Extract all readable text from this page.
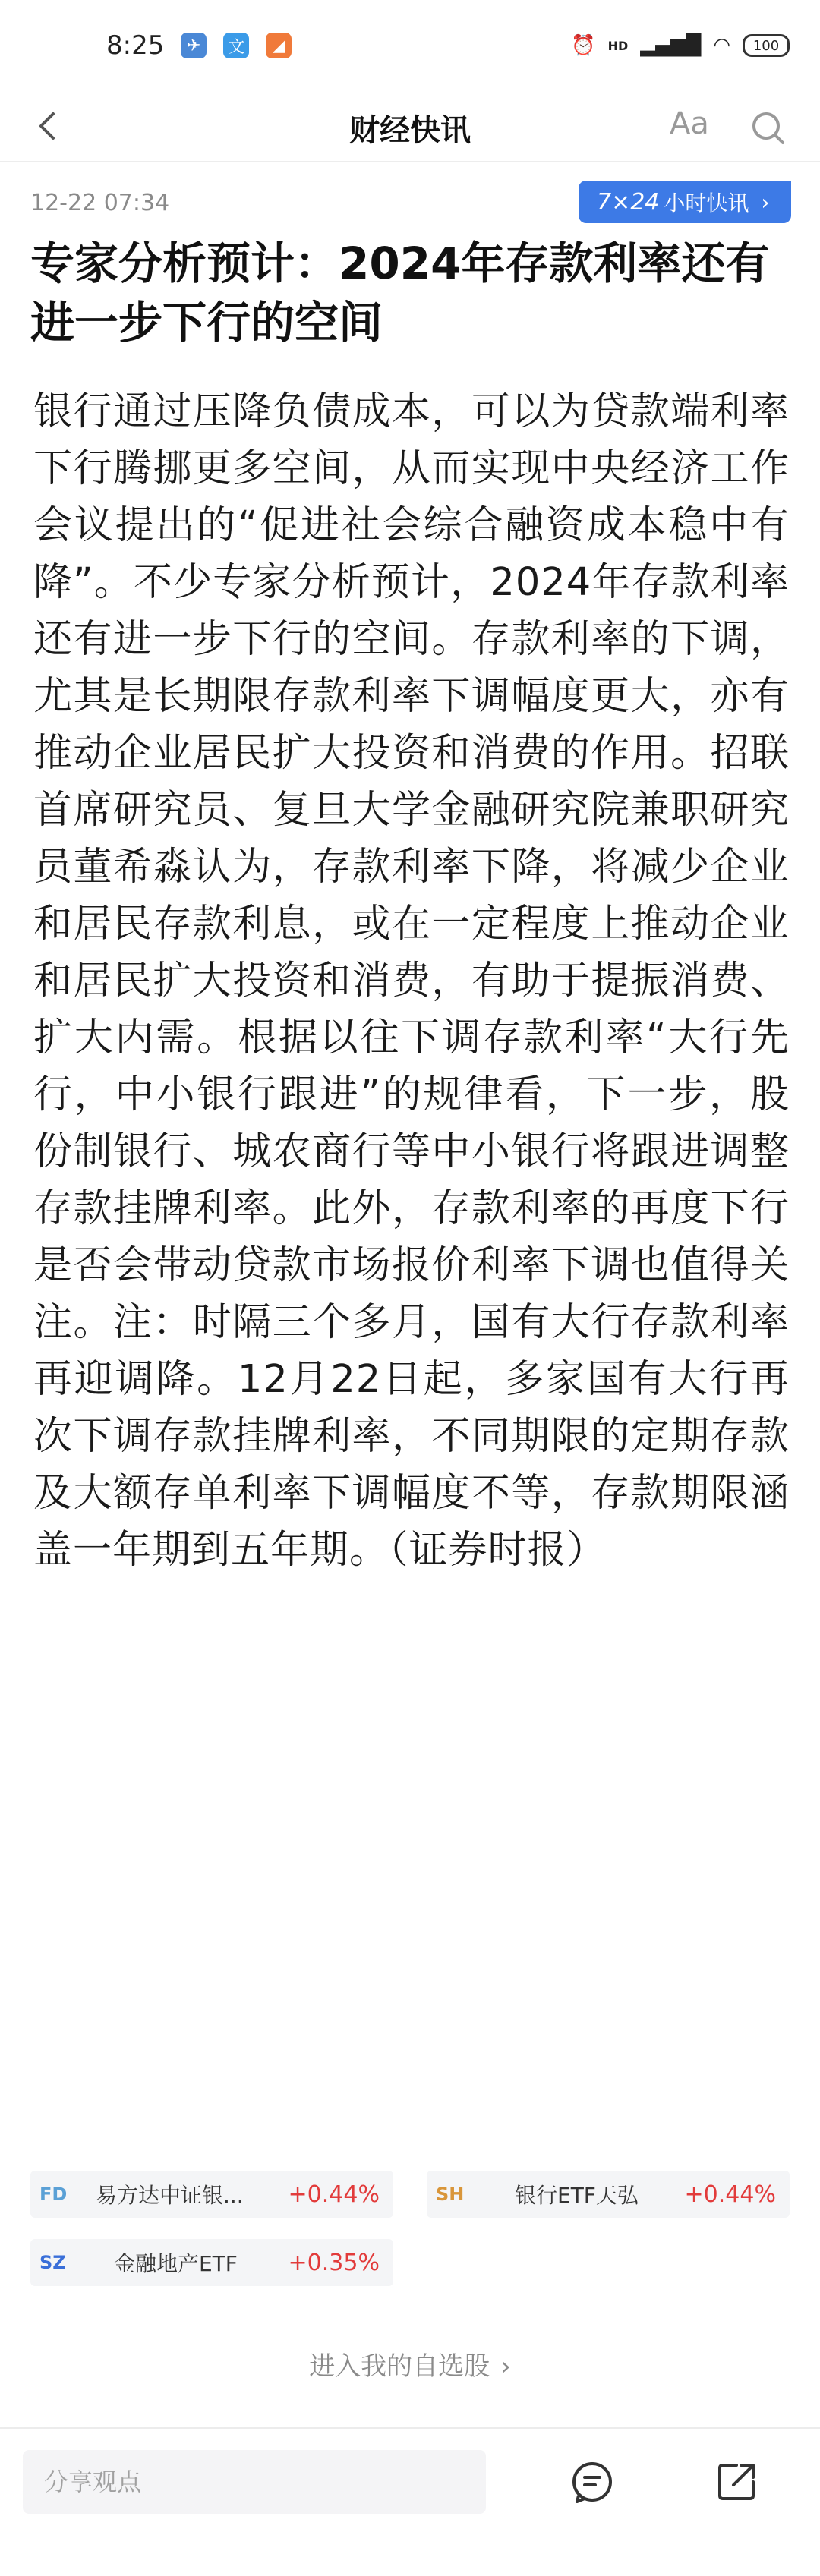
8:25	✈	文	◢	⏰ HD ▂▄▆█ ◠ 100
财经快讯	Aa
12-22 07:34	7×24 小时快讯 ›
专家分析预计：2024年存款利率还有进一步下行的空间
银行通过压降负债成本，可以为贷款端利率下行腾挪更多空间，从而实现中央经济工作会议提出的“促进社会综合融资成本稳中有降”。不少专家分析预计，2024年存款利率还有进一步下行的空间。存款利率的下调，尤其是长期限存款利率下调幅度更大，亦有推动企业居民扩大投资和消费的作用。招联首席研究员、复旦大学金融研究院兼职研究员董希淼认为，存款利率下降，将减少企业和居民存款利息，或在一定程度上推动企业和居民扩大投资和消费，有助于提振消费、扩大内需。根据以往下调存款利率“大行先行，中小银行跟进”的规律看，下一步，股份制银行、城农商行等中小银行将跟进调整存款挂牌利率。此外，存款利率的再度下行是否会带动贷款市场报价利率下调也值得关注。注：时隔三个多月，国有大行存款利率再迎调降。12月22日起，多家国有大行再次下调存款挂牌利率，不同期限的定期存款及大额存单利率下调幅度不等，存款期限涵盖一年期到五年期。（证券时报）
FD	易方达中证银...	+0.44%	SH	银行ETF天弘	+0.44%
SZ	金融地产ETF	+0.35%
进入我的自选股 ›
分享观点
